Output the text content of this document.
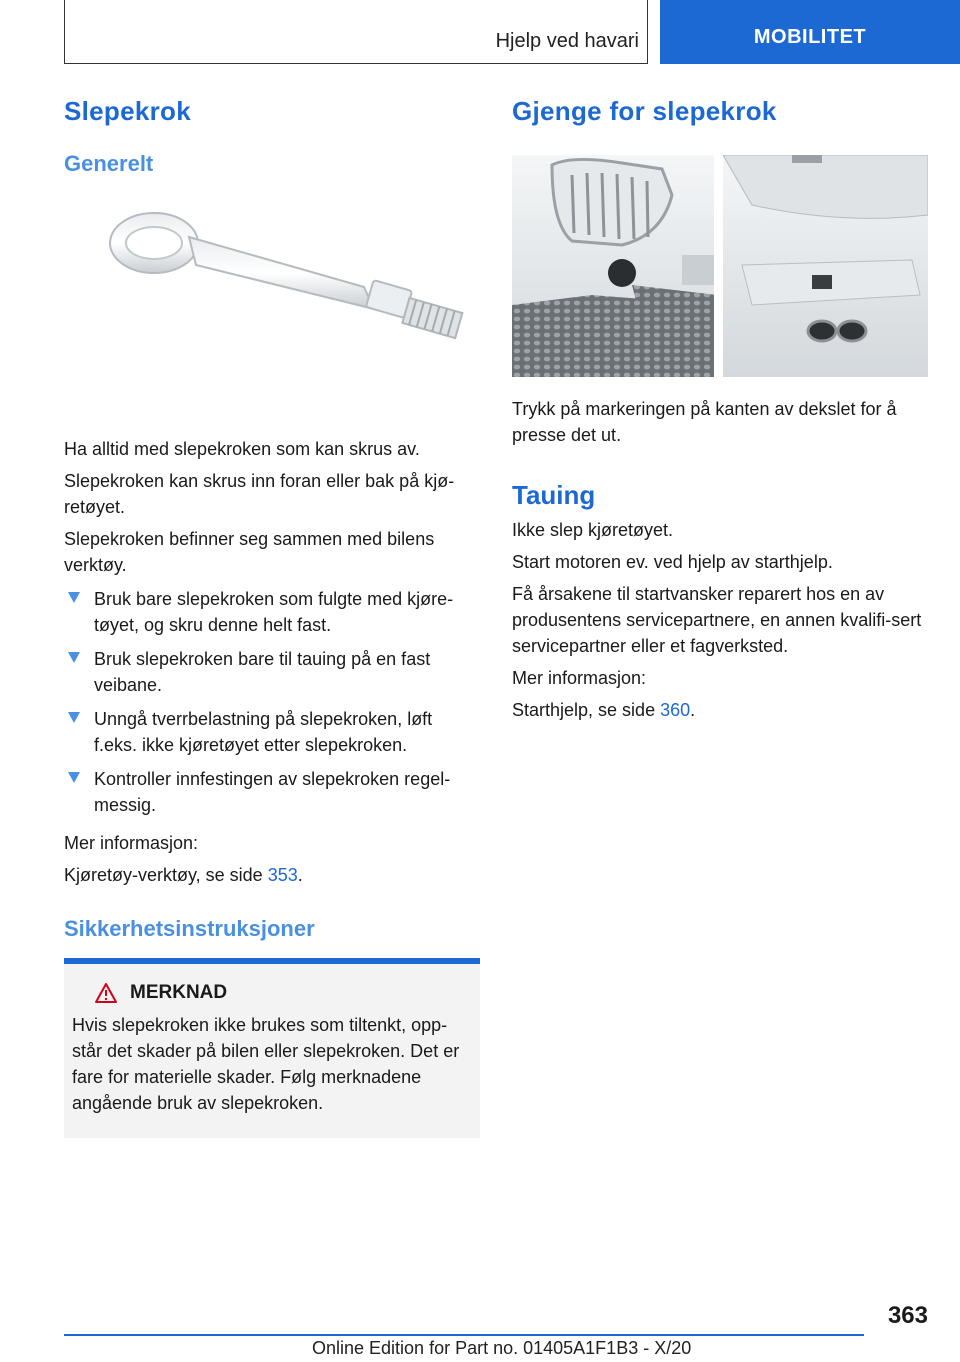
Hjelp ved havari	MOBILITET
Slepekrok
Generelt

Ha alltid med slepekroken som kan skrus av.

Slepekroken kan skrus inn foran eller bak på kjø-retøyet.

Slepekroken befinner seg sammen med bilens verktøy.

Bruk bare slepekroken som fulgte med kjøre-tøyet, og skru denne helt fast.
Bruk slepekroken bare til tauing på en fast veibane.
Unngå tverrbelastning på slepekroken, løft f.eks. ikke kjøretøyet etter slepekroken.
Kontroller innfestingen av slepekroken regel-messig.

Mer informasjon:

Kjøretøy-verktøy, se side 353.

Sikkerhetsinstruksjoner
MERKNAD

Hvis slepekroken ikke brukes som tiltenkt, opp-står det skader på bilen eller slepekroken. Det er fare for materielle skader. Følg merknadene angående bruk av slepekroken.

Gjenge for slepekrok

Trykk på markeringen på kanten av dekslet for å presse det ut.

Tauing

Ikke slep kjøretøyet.

Start motoren ev. ved hjelp av starthjelp.

Få årsakene til startvansker reparert hos en av produsentens servicepartnere, en annen kvalifi-sert servicepartner eller et fagverksted.

Mer informasjon:

Starthjelp, se side 360.

363
Online Edition for Part no. 01405A1F1B3 - X/20
